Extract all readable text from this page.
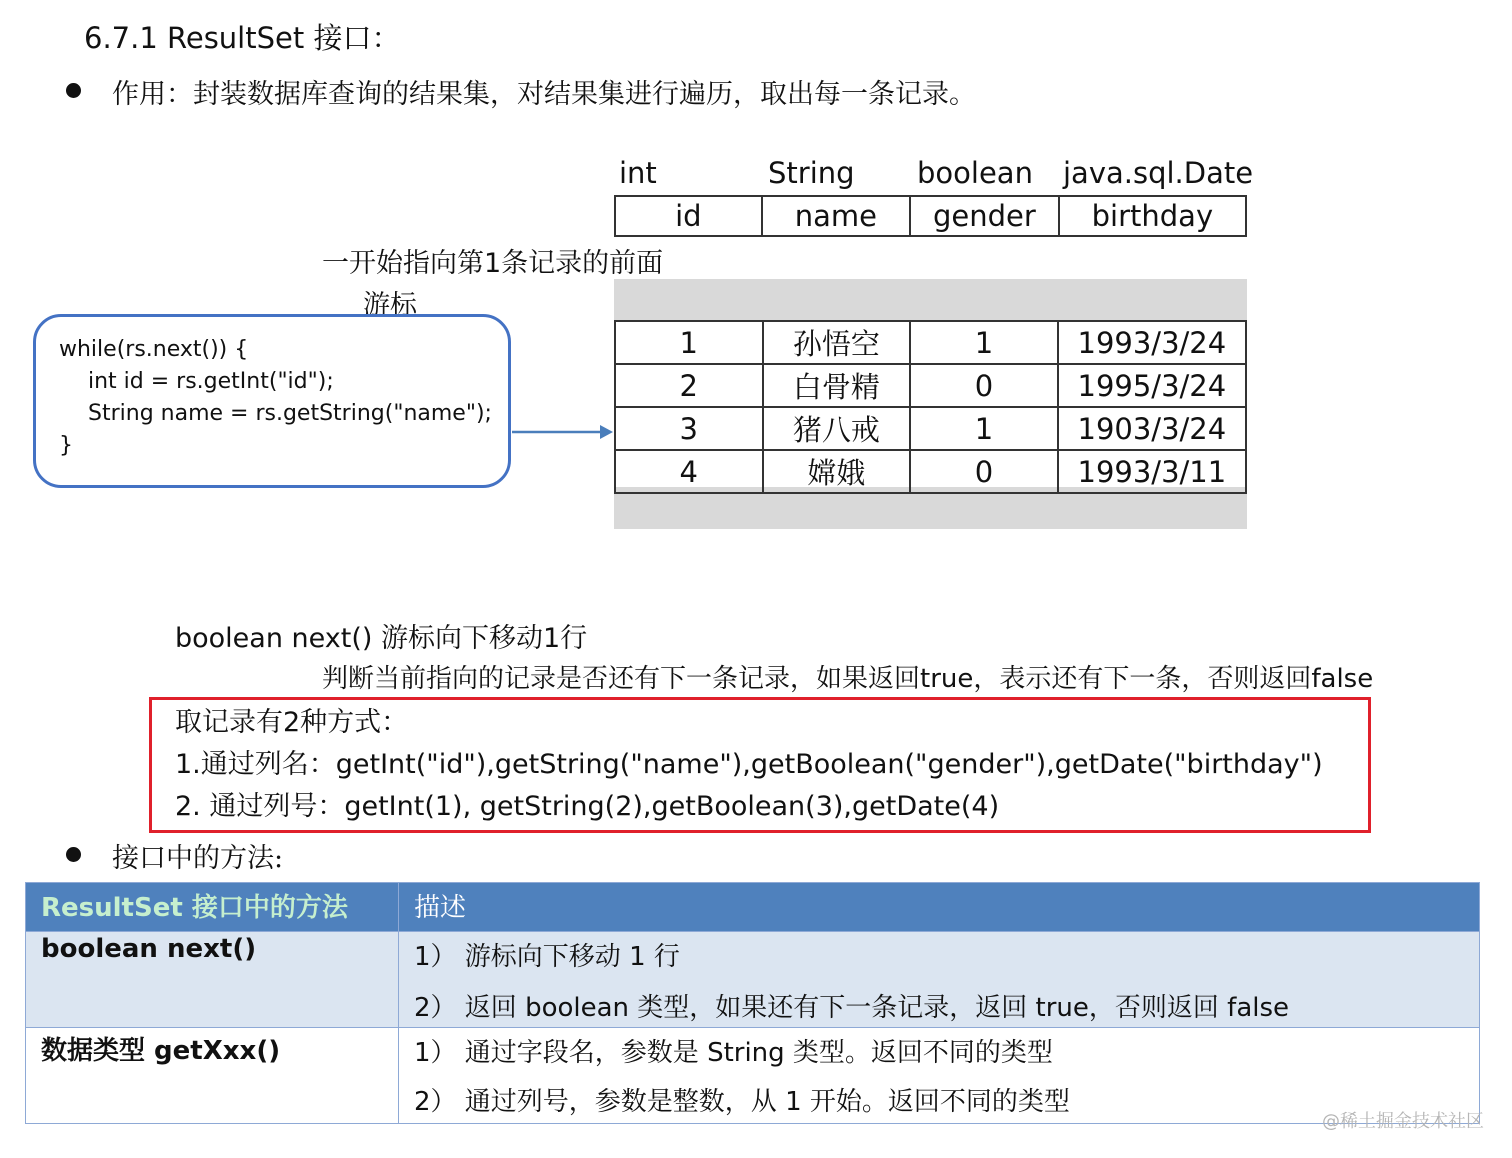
6.7.1 ResultSet 接口：
作用：封装数据库查询的结果集，对结果集进行遍历，取出每一条记录。
int	String boolean java.sql.Date
id	name	gender	birthday
一开始指向第1条记录的前面
游标
1	孙悟空	1	1993/3/24
2	白骨精	0	1995/3/24
3	猪八戒	1	1903/3/24
4	嫦娥	0	1993/3/11
while(rs.next()) {
int id = rs.getInt("id");
String name = rs.getString("name");
}
boolean next() 游标向下移动1行
判断当前指向的记录是否还有下一条记录，如果返回true，表示还有下一条，否则返回false
取记录有2种方式：
1.通过列名：getInt("id"),getString("name"),getBoolean("gender"),getDate("birthday")
2. 通过列号：getInt(1), getString(2),getBoolean(3),getDate(4)
接口中的方法:
ResultSet 接口中的方法	描述

boolean next()	1） 游标向下移动 1 行
2） 返回 boolean 类型，如果还有下一条记录，返回 true，否则返回 false

数据类型 getXxx()	1） 通过字段名，参数是 String 类型。返回不同的类型
2） 通过列号，参数是整数，从 1 开始。返回不同的类型
@稀土掘金技术社区
